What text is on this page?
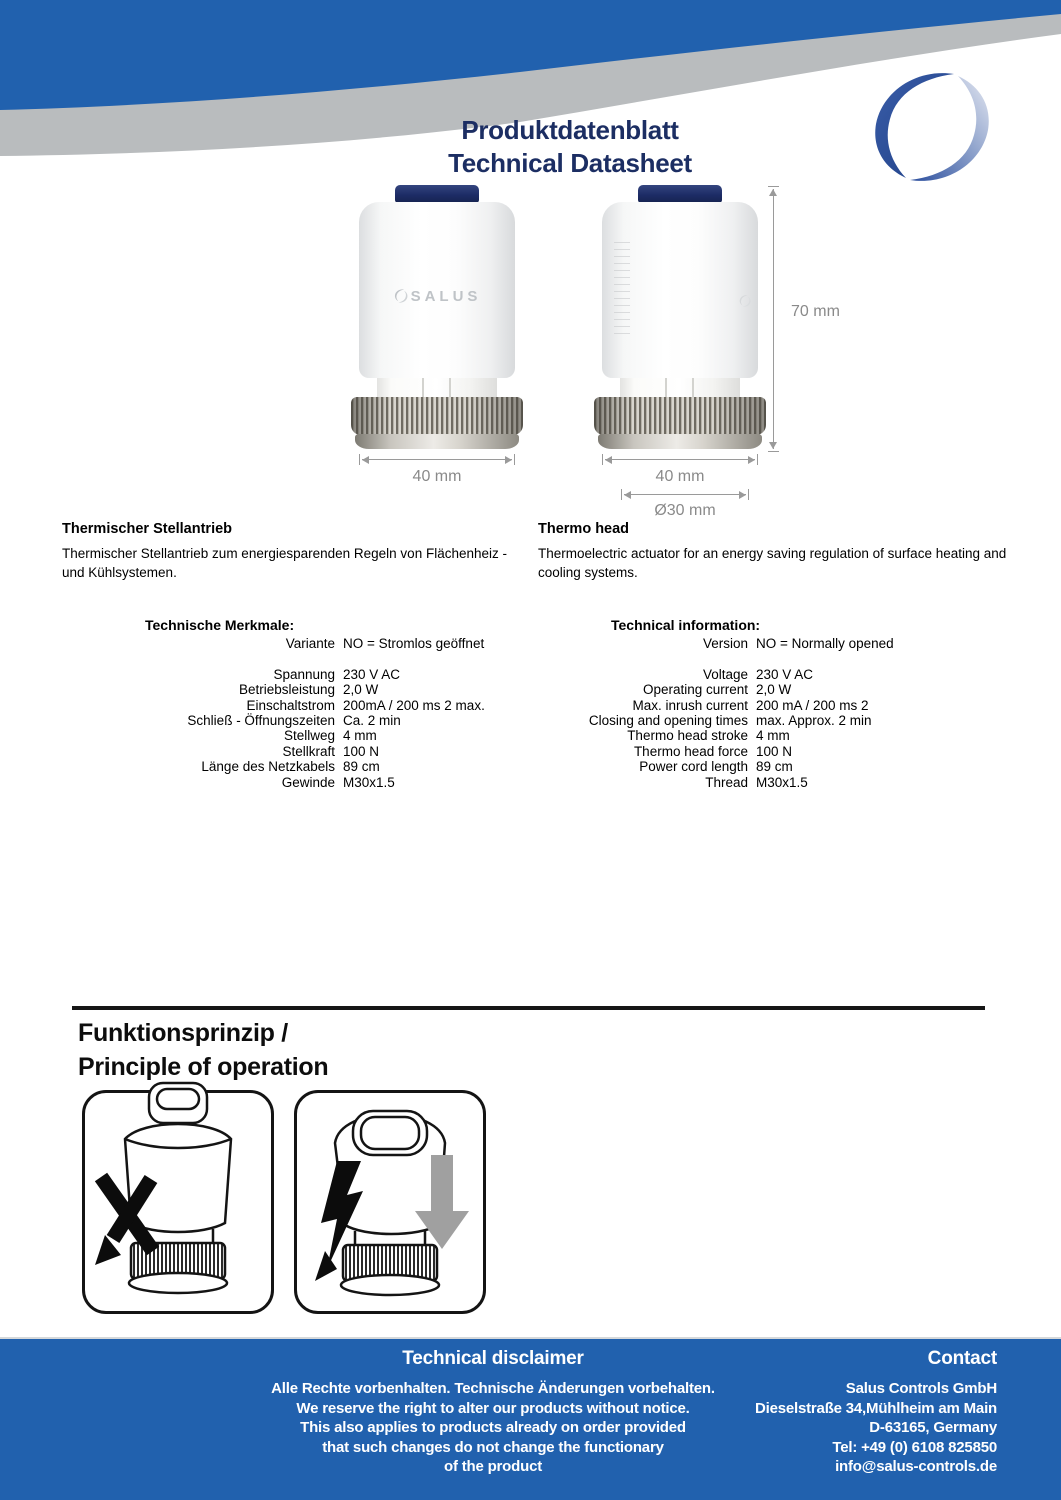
Produktdatenblatt
Technical Datasheet
SALUS
70 mm
40 mm	40 mm
Ø30 mm
Thermischer Stellantrieb

Thermischer Stellantrieb zum energiesparenden Regeln von Flächenheiz - und Kühlsystemen.

Thermo head

Thermoelectric actuator for an energy saving regulation of surface heating and cooling systems.

Technische Merkmale:
Variante NO = Stromlos geöffnet
Spannung 230 V AC
Betriebsleistung 2,0 W
Einschaltstrom 200mA / 200 ms 2 max.
Schließ - Öffnungszeiten Ca. 2 min
Stellweg 4 mm
Stellkraft 100 N
Länge des Netzkabels 89 cm
Gewinde M30x1.5
Technical information:
Version NO = Normally opened
Voltage 230 V AC
Operating current 2,0 W
Max. inrush current 200 mA / 200 ms 2
Closing and opening times max. Approx. 2 min
Thermo head stroke 4 mm
Thermo head force 100 N
Power cord length 89 cm
Thread M30x1.5
Funktionsprinzip /
Principle of operation
Technical disclaimer
Alle Rechte vorbenhalten. Technische Änderungen vorbehalten.
We reserve the right to alter our products without notice.
This also applies to products already on order provided
that such changes do not change the functionary
of the product
Contact
Salus Controls GmbH
Dieselstraße 34,Mühlheim am Main
D-63165, Germany
Tel: +49 (0) 6108 825850
info@salus-controls.de
